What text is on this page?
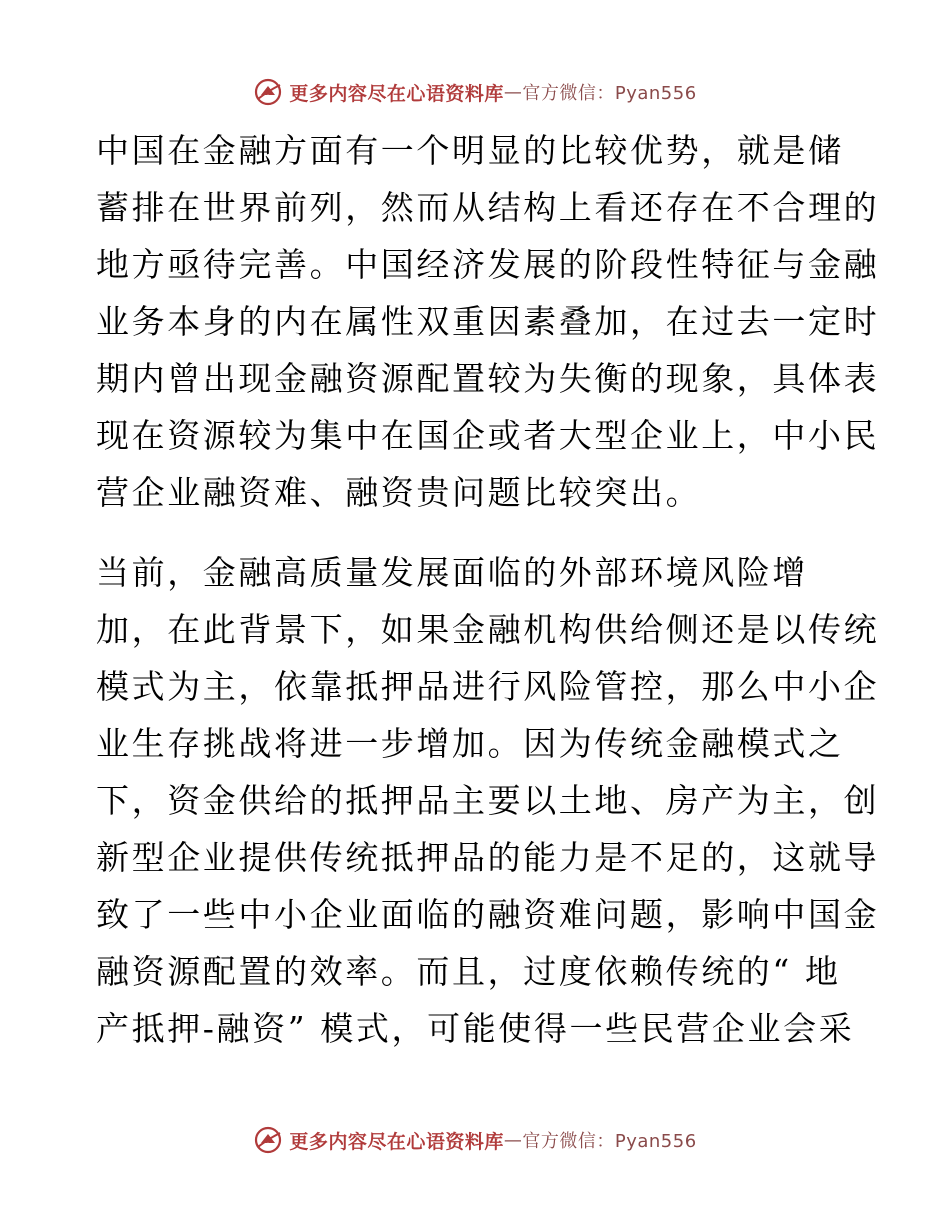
更多内容尽在心语资料库 — 官方微信：Pyan556
中国在金融方面有一个明显的比较优势，就是储
蓄排在世界前列，然而从结构上看还存在不合理的
地方亟待完善。中国经济发展的阶段性特征与金融
业务本身的内在属性双重因素叠加，在过去一定时
期内曾出现金融资源配置较为失衡的现象，具体表
现在资源较为集中在国企或者大型企业上，中小民
营企业融资难、融资贵问题比较突出。
当前，金融高质量发展面临的外部环境风险增
加，在此背景下，如果金融机构供给侧还是以传统
模式为主，依靠抵押品进行风险管控，那么中小企
业生存挑战将进一步增加。因为传统金融模式之
下，资金供给的抵押品主要以土地、房产为主，创
新型企业提供传统抵押品的能力是不足的，这就导
致了一些中小企业面临的融资难问题，影响中国金
融资源配置的效率。而且，过度依赖传统的“ 地
产抵押-融资” 模式，可能使得一些民营企业会采
更多内容尽在心语资料库 — 官方微信：Pyan556
